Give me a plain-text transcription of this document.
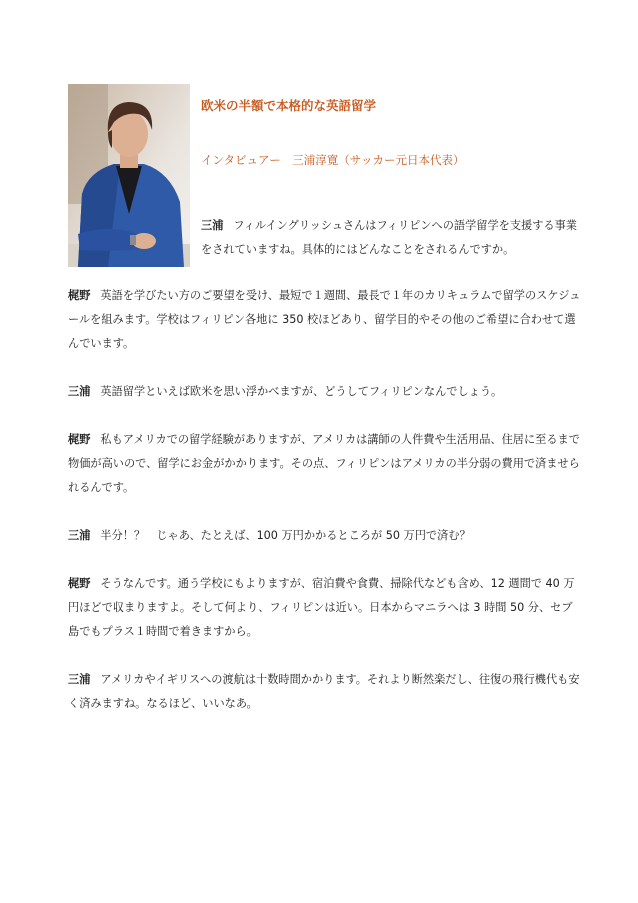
欧米の半額で本格的な英語留学
インタビュアー　三浦淳寛（サッカー元日本代表）

三浦 フィルイングリッシュさんはフィリピンへの語学留学を支援する事業をされていますね。具体的にはどんなことをされるんですか。

梶野 英語を学びたい方のご要望を受け、最短で１週間、最長で１年のカリキュラムで留学のスケジュールを組みます。学校はフィリピン各地に 350 校ほどあり、留学目的やその他のご希望に合わせて選んでいます。

三浦 英語留学といえば欧米を思い浮かべますが、どうしてフィリピンなんでしょう。

梶野 私もアメリカでの留学経験がありますが、アメリカは講師の人件費や生活用品、住居に至るまで物価が高いので、留学にお金がかかります。その点、フィリピンはアメリカの半分弱の費用で済ませられるんです。

三浦 半分！？　じゃあ、たとえば、100 万円かかるところが 50 万円で済む？

梶野 そうなんです。通う学校にもよりますが、宿泊費や食費、掃除代なども含め、12 週間で 40 万円ほどで収まりますよ。そして何より、フィリピンは近い。日本からマニラへは 3 時間 50 分、セブ島でもプラス１時間で着きますから。

三浦 アメリカやイギリスへの渡航は十数時間かかります。それより断然楽だし、往復の飛行機代も安く済みますね。なるほど、いいなあ。
